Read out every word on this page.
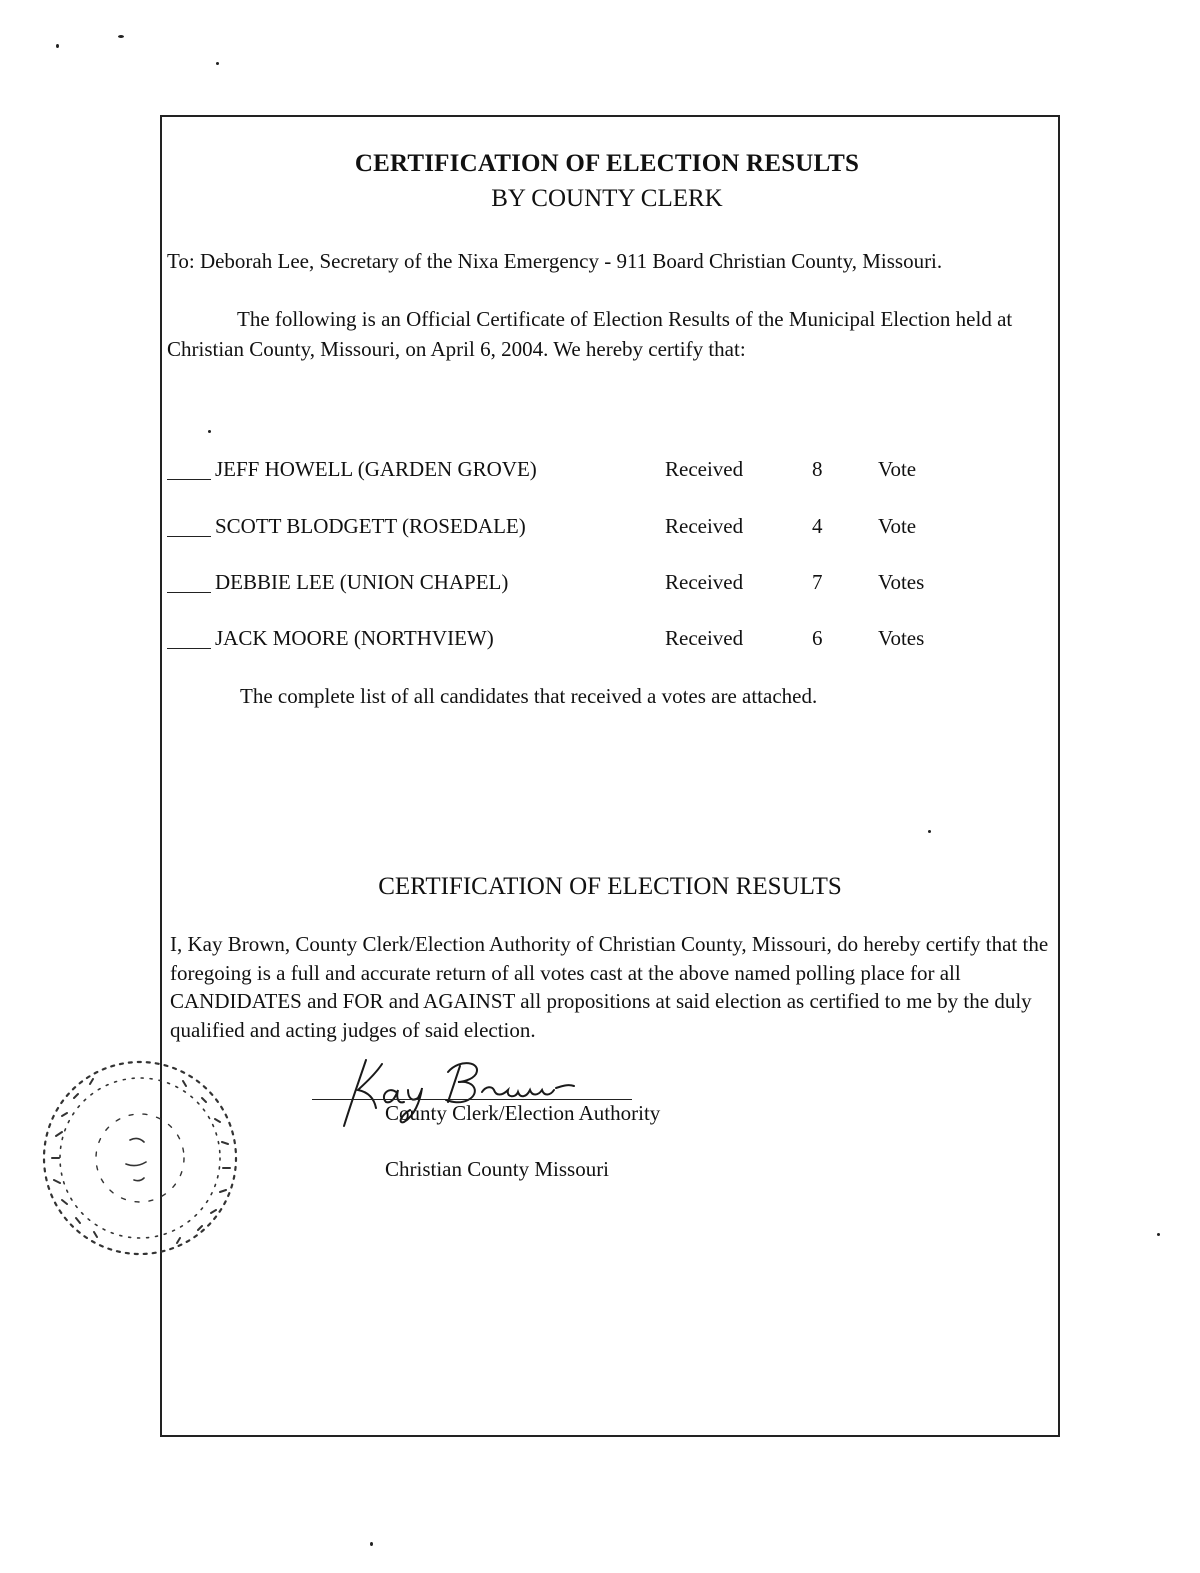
CERTIFICATION OF ELECTION RESULTS
BY COUNTY CLERK
To: Deborah Lee, Secretary of the Nixa Emergency - 911 Board Christian County, Missouri.
The following is an Official Certificate of Election Results of the Municipal Election held at Christian County, Missouri, on April 6, 2004. We hereby certify that:
JEFF HOWELL (GARDEN GROVE)	Received	8	Vote
SCOTT BLODGETT (ROSEDALE)	Received	4	Vote
DEBBIE LEE (UNION CHAPEL)	Received	7	Votes
JACK MOORE (NORTHVIEW)	Received	6	Votes
The complete list of all candidates that received a votes are attached.
CERTIFICATION OF ELECTION RESULTS
I, Kay Brown, County Clerk/Election Authority of Christian County, Missouri, do hereby certify that the foregoing is a full and accurate return of all votes cast at the above named polling place for all CANDIDATES and FOR and AGAINST all propositions at said election as certified to me by the duly qualified and acting judges of said election.
County Clerk/Election Authority
Christian County Missouri
